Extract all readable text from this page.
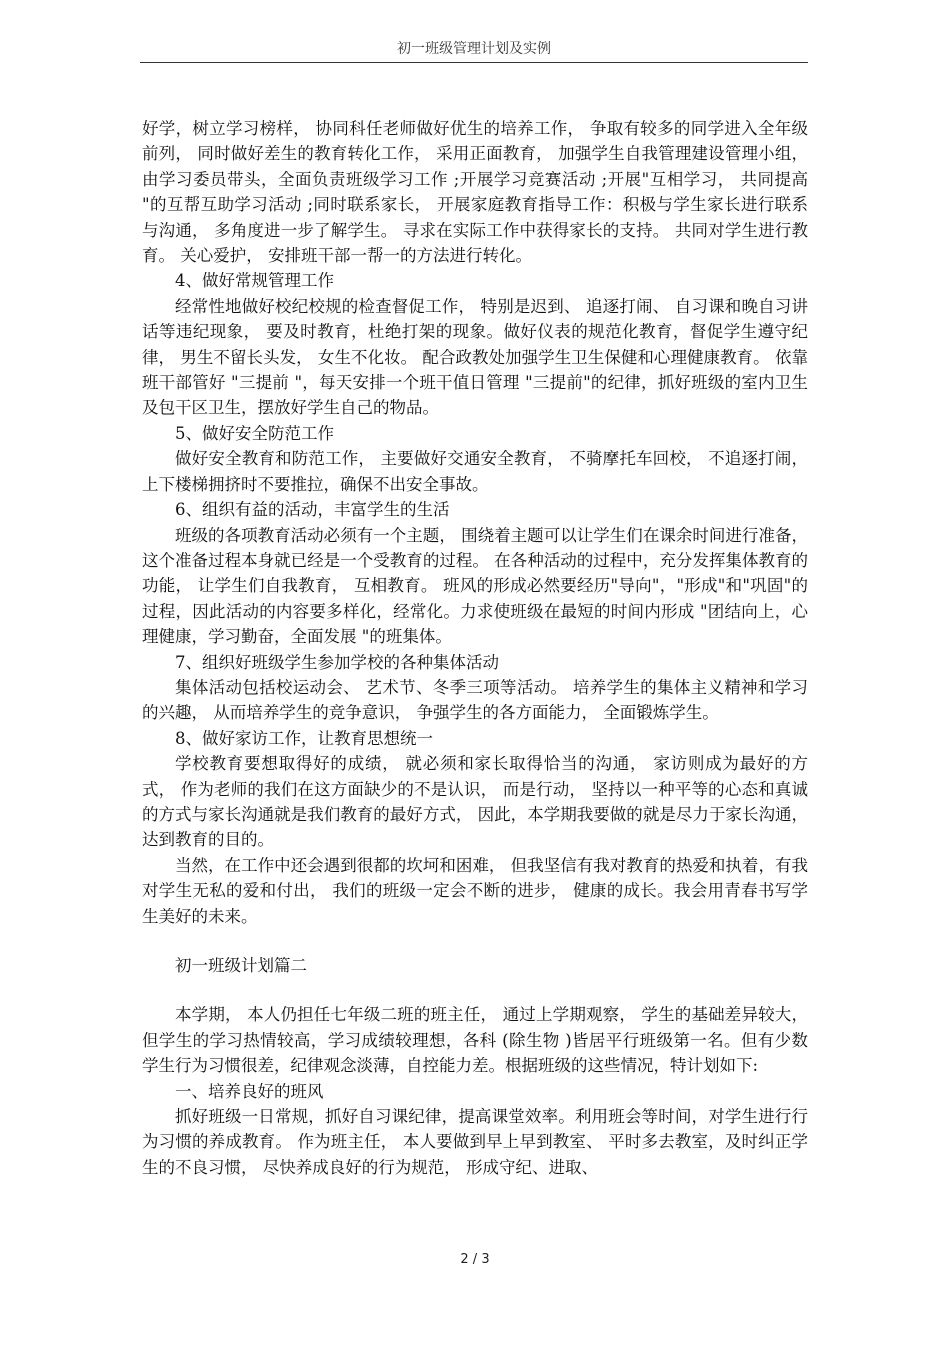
初一班级管理计划及实例

好学，树立学习榜样， 协同科任老师做好优生的培养工作， 争取有较多的同学进入全年级前列， 同时做好差生的教育转化工作， 采用正面教育， 加强学生自我管理建设管理小组，由学习委员带头，全面负责班级学习工作 ;开展学习竞赛活动 ;开展"互相学习， 共同提高 "的互帮互助学习活动 ;同时联系家长， 开展家庭教育指导工作：积极与学生家长进行联系与沟通， 多角度进一步了解学生。 寻求在实际工作中获得家长的支持。 共同对学生进行教育。 关心爱护， 安排班干部一帮一的方法进行转化。

4、做好常规管理工作

经常性地做好校纪校规的检查督促工作， 特别是迟到、 追逐打闹、 自习课和晚自习讲话等违纪现象， 要及时教育，杜绝打架的现象。做好仪表的规范化教育，督促学生遵守纪律， 男生不留长头发， 女生不化妆。 配合政教处加强学生卫生保健和心理健康教育。 依靠班干部管好 "三提前 "，每天安排一个班干值日管理 "三提前"的纪律，抓好班级的室内卫生及包干区卫生，摆放好学生自己的物品。

5、做好安全防范工作

做好安全教育和防范工作， 主要做好交通安全教育， 不骑摩托车回校， 不追逐打闹，上下楼梯拥挤时不要推拉，确保不出安全事故。

6、组织有益的活动，丰富学生的生活

班级的各项教育活动必须有一个主题， 围绕着主题可以让学生们在课余时间进行准备，这个准备过程本身就已经是一个受教育的过程。 在各种活动的过程中，充分发挥集体教育的功能， 让学生们自我教育， 互相教育。 班风的形成必然要经历"导向"，"形成"和"巩固"的过程，因此活动的内容要多样化，经常化。力求使班级在最短的时间内形成 "团结向上，心理健康，学习勤奋，全面发展 "的班集体。

7、组织好班级学生参加学校的各种集体活动

集体活动包括校运动会、 艺术节、冬季三项等活动。 培养学生的集体主义精神和学习的兴趣， 从而培养学生的竞争意识， 争强学生的各方面能力， 全面锻炼学生。

8、做好家访工作，让教育思想统一

学校教育要想取得好的成绩， 就必须和家长取得恰当的沟通， 家访则成为最好的方式， 作为老师的我们在这方面缺少的不是认识， 而是行动， 坚持以一种平等的心态和真诚的方式与家长沟通就是我们教育的最好方式， 因此，本学期我要做的就是尽力于家长沟通，达到教育的目的。

当然，在工作中还会遇到很都的坎坷和困难， 但我坚信有我对教育的热爱和执着，有我对学生无私的爱和付出， 我们的班级一定会不断的进步， 健康的成长。我会用青春书写学生美好的未来。

初一班级计划篇二

本学期， 本人仍担任七年级二班的班主任， 通过上学期观察， 学生的基础差异较大，但学生的学习热情较高，学习成绩较理想，各科 (除生物 )皆居平行班级第一名。但有少数学生行为习惯很差，纪律观念淡薄，自控能力差。根据班级的这些情况，特计划如下:

一、培养良好的班风

抓好班级一日常规，抓好自习课纪律，提高课堂效率。利用班会等时间，对学生进行行为习惯的养成教育。 作为班主任， 本人要做到早上早到教室、 平时多去教室，及时纠正学生的不良习惯， 尽快养成良好的行为规范， 形成守纪、进取、

2 / 3
